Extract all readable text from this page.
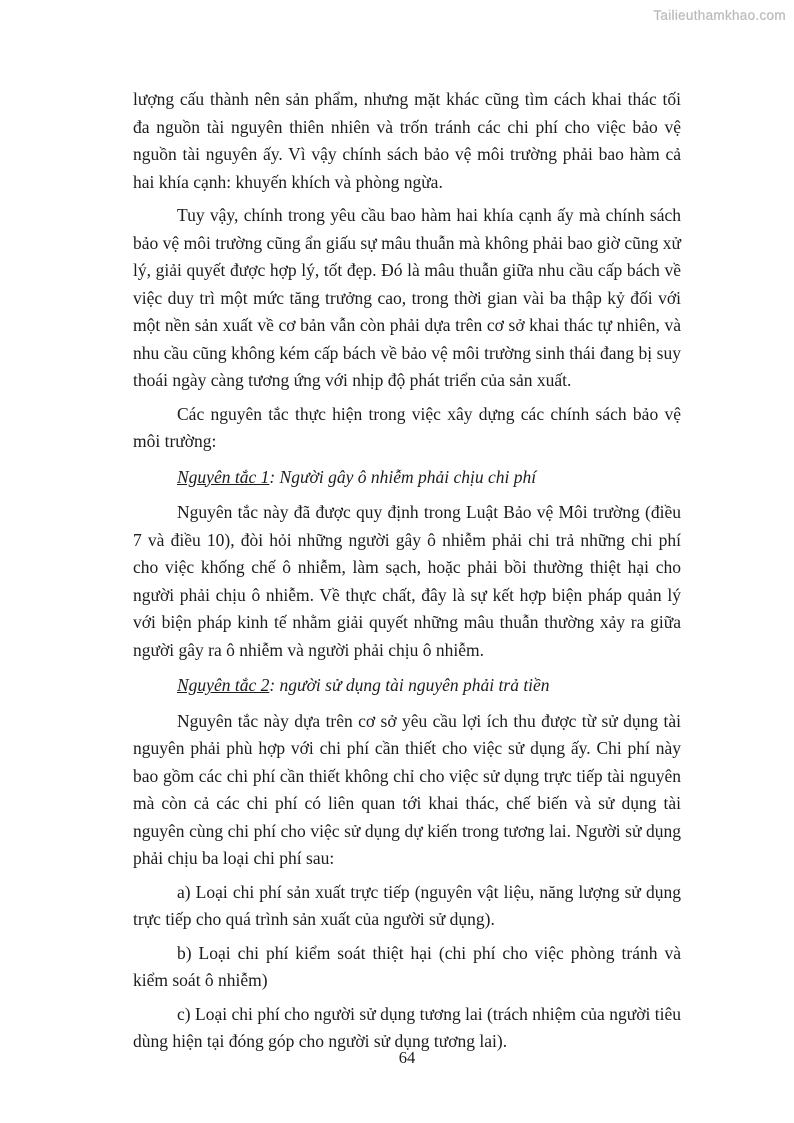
Tailieuthamkhao.com

lượng cấu thành nên sản phẩm, nhưng mặt khác cũng tìm cách khai thác tối đa nguồn tài nguyên thiên nhiên và trốn tránh các chi phí cho việc bảo vệ nguồn tài nguyên ấy. Vì vậy chính sách bảo vệ môi trường phải bao hàm cả hai khía cạnh: khuyến khích và phòng ngừa.

Tuy vậy, chính trong yêu cầu bao hàm hai khía cạnh ấy mà chính sách bảo vệ môi trường cũng ẩn giấu sự mâu thuẫn mà không phải bao giờ cũng xử lý, giải quyết được hợp lý, tốt đẹp. Đó là mâu thuẫn giữa nhu cầu cấp bách về việc duy trì một mức tăng trưởng cao, trong thời gian vài ba thập kỷ đối với một nền sản xuất về cơ bản vẫn còn phải dựa trên cơ sở khai thác tự nhiên, và nhu cầu cũng không kém cấp bách về bảo vệ môi trường sinh thái đang bị suy thoái ngày càng tương ứng với nhịp độ phát triển của sản xuất.

Các nguyên tắc thực hiện trong việc xây dựng các chính sách bảo vệ môi trường:

Nguyên tắc 1: Người gây ô nhiễm phải chịu chi phí

Nguyên tắc này đã được quy định trong Luật Bảo vệ Môi trường (điều 7 và điều 10), đòi hỏi những người gây ô nhiễm phải chi trả những chi phí cho việc khống chế ô nhiễm, làm sạch, hoặc phải bồi thường thiệt hại cho người phải chịu ô nhiễm. Về thực chất, đây là sự kết hợp biện pháp quản lý với biện pháp kinh tế nhằm giải quyết những mâu thuẫn thường xảy ra giữa người gây ra ô nhiễm và người phải chịu ô nhiễm.

Nguyên tắc 2: người sử dụng tài nguyên phải trả tiền

Nguyên tắc này dựa trên cơ sở yêu cầu lợi ích thu được từ sử dụng tài nguyên phải phù hợp với chi phí cần thiết cho việc sử dụng ấy. Chi phí này bao gồm các chi phí cần thiết không chỉ cho việc sử dụng trực tiếp tài nguyên mà còn cả các chi phí có liên quan tới khai thác, chế biến và sử dụng tài nguyên cùng chi phí cho việc sử dụng dự kiến trong tương lai. Người sử dụng phải chịu ba loại chi phí sau:

a) Loại chi phí sản xuất trực tiếp (nguyên vật liệu, năng lượng sử dụng trực tiếp cho quá trình sản xuất của người sử dụng).

b) Loại chi phí kiểm soát thiệt hại (chi phí cho việc phòng tránh và kiểm soát ô nhiễm)

c) Loại chi phí cho người sử dụng tương lai (trách nhiệm của người tiêu dùng hiện tại đóng góp cho người sử dụng tương lai).

64
